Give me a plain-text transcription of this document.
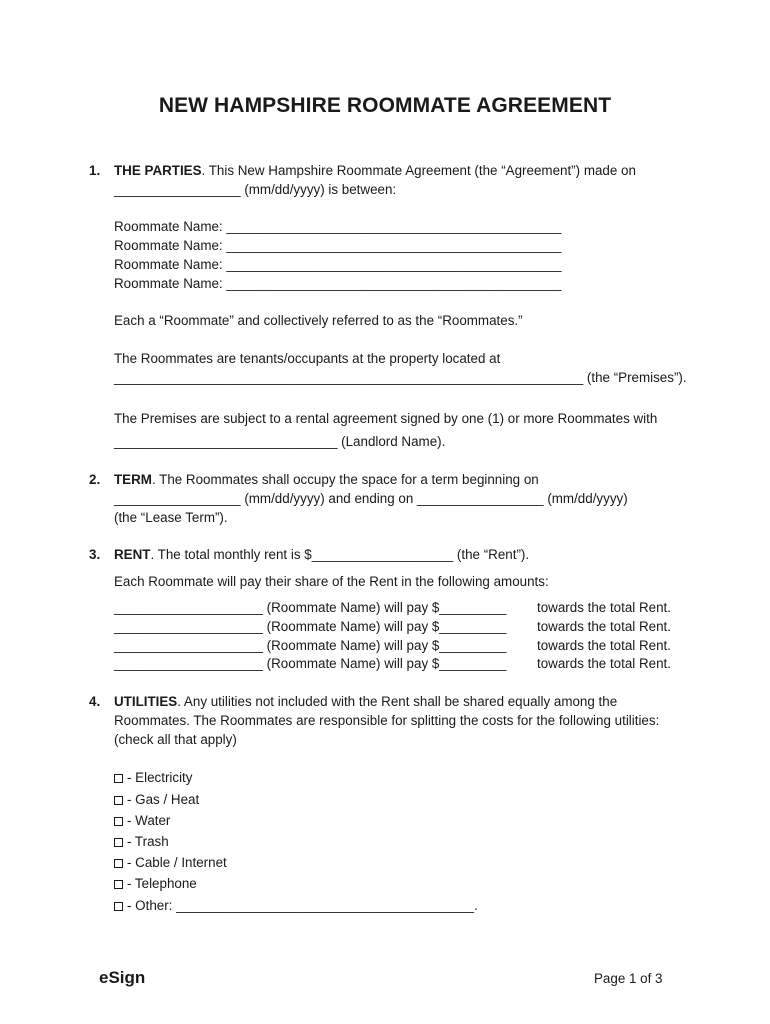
NEW HAMPSHIRE ROOMMATE AGREEMENT
1. THE PARTIES. This New Hampshire Roommate Agreement (the “Agreement”) made on
_________________ (mm/dd/yyyy) is between:
Roommate Name: _____________________________________________
Roommate Name: _____________________________________________
Roommate Name: _____________________________________________
Roommate Name: _____________________________________________
Each a “Roommate” and collectively referred to as the “Roommates.”
The Roommates are tenants/occupants at the property located at
_______________________________________________________________ (the “Premises”).
The Premises are subject to a rental agreement signed by one (1) or more Roommates with
______________________________ (Landlord Name).
2. TERM. The Roommates shall occupy the space for a term beginning on
_________________ (mm/dd/yyyy) and ending on _________________ (mm/dd/yyyy)
(the “Lease Term”).
3. RENT. The total monthly rent is $___________________ (the “Rent”).
Each Roommate will pay their share of the Rent in the following amounts:
____________________ (Roommate Name) will pay $_________ towards the total Rent.
____________________ (Roommate Name) will pay $_________ towards the total Rent.
____________________ (Roommate Name) will pay $_________ towards the total Rent.
____________________ (Roommate Name) will pay $_________ towards the total Rent.
4. UTILITIES. Any utilities not included with the Rent shall be shared equally among the
Roommates. The Roommates are responsible for splitting the costs for the following utilities:
(check all that apply)
- Electricity
- Gas / Heat
- Water
- Trash
- Cable / Internet
- Telephone
- Other: ________________________________________.
eSign	Page 1 of 3
